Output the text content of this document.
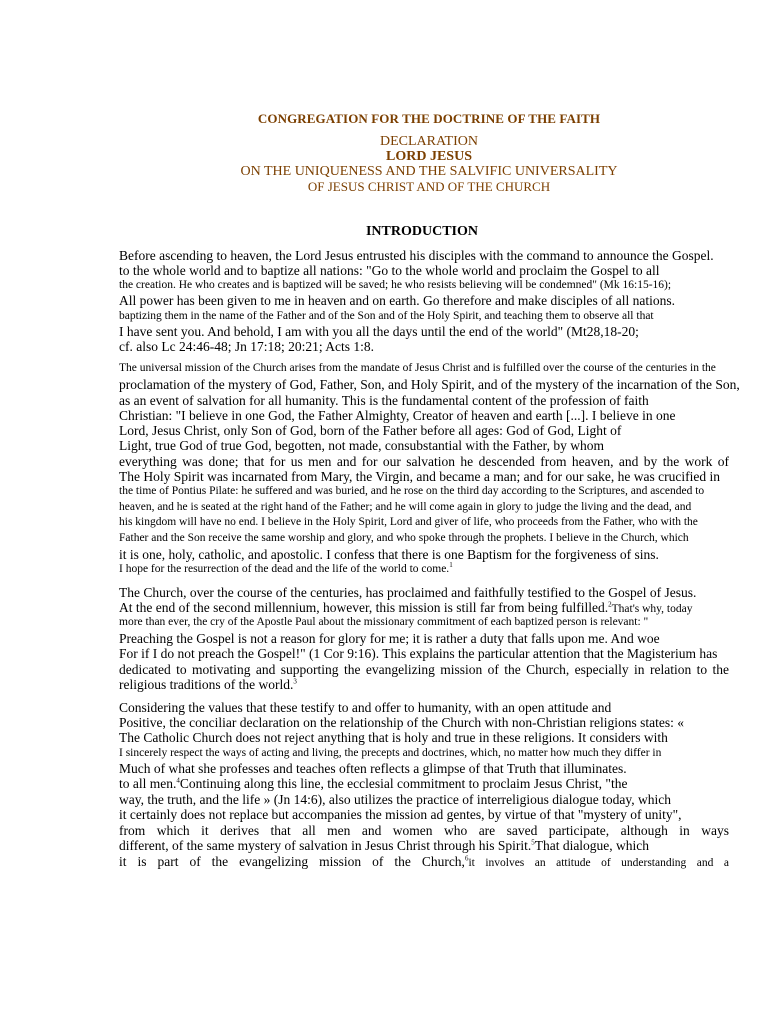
CONGREGATION FOR THE DOCTRINE OF THE FAITH
DECLARATION
LORD JESUS
ON THE UNIQUENESS AND THE SALVIFIC UNIVERSALITY
OF JESUS CHRIST AND OF THE CHURCH
INTRODUCTION
Before ascending to heaven, the Lord Jesus entrusted his disciples with the command to announce the Gospel.
to the whole world and to baptize all nations: "Go to the whole world and proclaim the Gospel to all
the creation. He who creates and is baptized will be saved; he who resists believing will be condemned" (Mk 16:15-16);
All power has been given to me in heaven and on earth. Go therefore and make disciples of all nations.
baptizing them in the name of the Father and of the Son and of the Holy Spirit, and teaching them to observe all that
I have sent you. And behold, I am with you all the days until the end of the world" (Mt28,18-20;
cf. also Lc 24:46-48; Jn 17:18; 20:21; Acts 1:8.
The universal mission of the Church arises from the mandate of Jesus Christ and is fulfilled over the course of the centuries in the
proclamation of the mystery of God, Father, Son, and Holy Spirit, and of the mystery of the incarnation of the Son,
as an event of salvation for all humanity. This is the fundamental content of the profession of faith
Christian: "I believe in one God, the Father Almighty, Creator of heaven and earth [...]. I believe in one
Lord, Jesus Christ, only Son of God, born of the Father before all ages: God of God, Light of
Light, true God of true God, begotten, not made, consubstantial with the Father, by whom
everything was done; that for us men and for our salvation he descended from heaven, and by the work of
The Holy Spirit was incarnated from Mary, the Virgin, and became a man; and for our sake, he was crucified in
the time of Pontius Pilate: he suffered and was buried, and he rose on the third day according to the Scriptures, and ascended to
heaven, and he is seated at the right hand of the Father; and he will come again in glory to judge the living and the dead, and
his kingdom will have no end. I believe in the Holy Spirit, Lord and giver of life, who proceeds from the Father, who with the
Father and the Son receive the same worship and glory, and who spoke through the prophets. I believe in the Church, which
it is one, holy, catholic, and apostolic. I confess that there is one Baptism for the forgiveness of sins.
I hope for the resurrection of the dead and the life of the world to come.$^1$
The Church, over the course of the centuries, has proclaimed and faithfully testified to the Gospel of Jesus.
At the end of the second millennium, however, this mission is still far from being fulfilled.$^2$That's why, today
more than ever, the cry of the Apostle Paul about the missionary commitment of each baptized person is relevant: "
Preaching the Gospel is not a reason for glory for me; it is rather a duty that falls upon me. And woe
For if I do not preach the Gospel!" (1 Cor 9:16). This explains the particular attention that the Magisterium has
dedicated to motivating and supporting the evangelizing mission of the Church, especially in relation to the
religious traditions of the world.$^3$
Considering the values that these testify to and offer to humanity, with an open attitude and
Positive, the conciliar declaration on the relationship of the Church with non-Christian religions states: «
The Catholic Church does not reject anything that is holy and true in these religions. It considers with
I sincerely respect the ways of acting and living, the precepts and doctrines, which, no matter how much they differ in
Much of what she professes and teaches often reflects a glimpse of that Truth that illuminates.
to all men.$^4$Continuing along this line, the ecclesial commitment to proclaim Jesus Christ, "the
way, the truth, and the life » (Jn 14:6), also utilizes the practice of interreligious dialogue today, which
it certainly does not replace but accompanies the mission ad gentes, by virtue of that "mystery of unity",
from which it derives that all men and women who are saved participate, although in ways
different, of the same mystery of salvation in Jesus Christ through his Spirit.$^5$That dialogue, which
it is part of the evangelizing mission of the Church,$^6$it involves an attitude of understanding and a
